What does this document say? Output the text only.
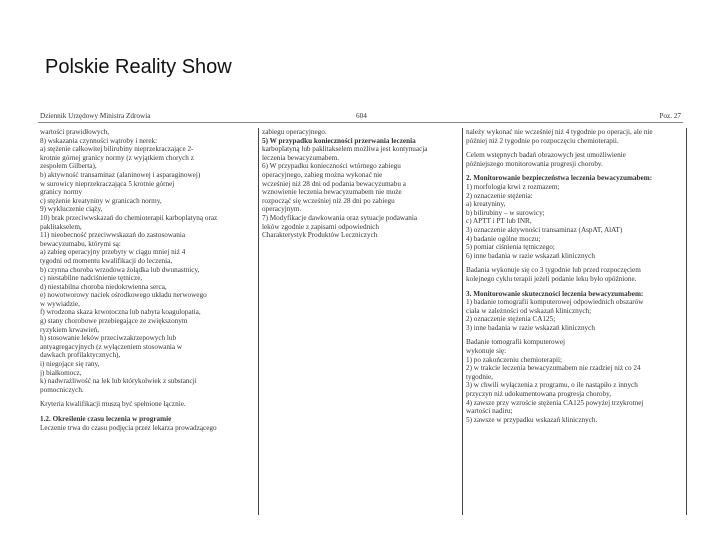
Polskie Reality Show
Dziennik Urzędowy Ministra Zdrowia	604	Poz. 27
wartości prawidłowych,
8) wskazania czynności wątroby i nerek:
a) stężenie całkowitej bilirubiny nieprzekraczające 2-
krotnie górnej granicy normy (z wyjątkiem chorych z
zespołem Gilberta),
b) aktywność transaminaz (alaninowej i asparaginowej)
w surowicy nieprzekraczająca 5 krotnie górnej
granicy normy
c) stężenie kreatyniny w granicach normy,
9) wykluczenie ciąży,
10) brak przeciwwskazań do chemioterapii karboplatyną oraz
paklitakselem,
11) nieobecność przeciwwskazań do zastosowania
bewacyzumabu, którymi są:
a) zabieg operacyjny przebyty w ciągu mniej niż 4
tygodni od momentu kwalifikacji do leczenia,
b) czynna choroba wrzodowa żołądka lub dwunastnicy,
c) niestabilne nadciśnienie tętnicze,
d) niestabilna choroba niedokrwienna serca,
e) nowotworowy naciek ośrodkowego układu nerwowego
w wywiadzie,
f) wrodzona skaza krwotoczna lub nabyta koagulopatia,
g) stany chorobowe przebiegające ze zwiększonym
ryzykiem krwawień,
h) stosowanie leków przeciwzakrzepowych lub
antyagregacyjnych (z wyłączeniem stosowania w
dawkach profilaktycznych),
i) niegojące się rany,
j) białkomocz,
k) nadwrażliwość na lek lub którykolwiek z substancji
pomocniczych.
Kryteria kwalifikacji muszą być spełnione łącznie.
1.2. Określenie czasu leczenia w programie
Leczenie trwa do czasu podjęcia przez lekarza prowadzącego
zabiegu operacyjnego.
5) W przypadku konieczności przerwania leczenia
karboplatyną lub paklitakselem możliwa jest kontynuacja
leczenia bewacyzumabem.
6) W przypadku konieczności wtórnego zabiegu
operacyjnego, zabieg można wykonać nie
wcześniej niż 28 dni od podania bewacyzumabu a
wznowienie leczenia bewacyzumabem nie może
rozpocząć się wcześniej niż 28 dni po zabiegu
operacyjnym.
7) Modyfikacje dawkowania oraz sytuacje podawania
leków zgodnie z zapisami odpowiednich
Charakterystyk Produktów Leczniczych
należy wykonać nie wcześniej niż 4 tygodnie po operacji, ale nie
później niż 2 tygodnie po rozpoczęciu chemioterapii.
Celem wstępnych badań obrazowych jest umożliwienie
późniejszego monitorowania progresji choroby.
2. Monitorowanie bezpieczeństwa leczenia bewacyzumabem:
1) morfologia krwi z rozmazem;
2) oznaczenie stężenia:
a) kreatyniny,
b) bilirubiny – w surowicy;
c) APTT i PT lub INR,
3) oznaczenie aktywności transaminaz (AspAT, AlAT)
4) badanie ogólne moczu;
5) pomiar ciśnienia tętniczego;
6) inne badania w razie wskazań klinicznych
Badania wykonuje się co 3 tygodnie lub przed rozpoczęciem
kolejnego cyklu terapii jeżeli podanie leku było opóźnione.
3. Monitorowanie skuteczności leczenia bewacyzumabem:
1) badanie tomografii komputerowej odpowiednich obszarów
ciała w zależności od wskazań klinicznych;
2) oznaczenie stężenia CA125;
3) inne badania w razie wskazań klinicznych
Badanie tomografii komputerowej
wykonuje się:
1) po zakończeniu chemioterapii;
2) w trakcie leczenia bewacyzumabem nie rzadziej niż co 24
tygodnie,
3) w chwili wyłączenia z programu, o ile nastąpiło z innych
przyczyn niż udokumentowana progresja choroby,
4) zawsze przy wzroście stężenia CA125 powyżej trzykrotnej
wartości nadiru;
5) zawsze w przypadku wskazań klinicznych.
